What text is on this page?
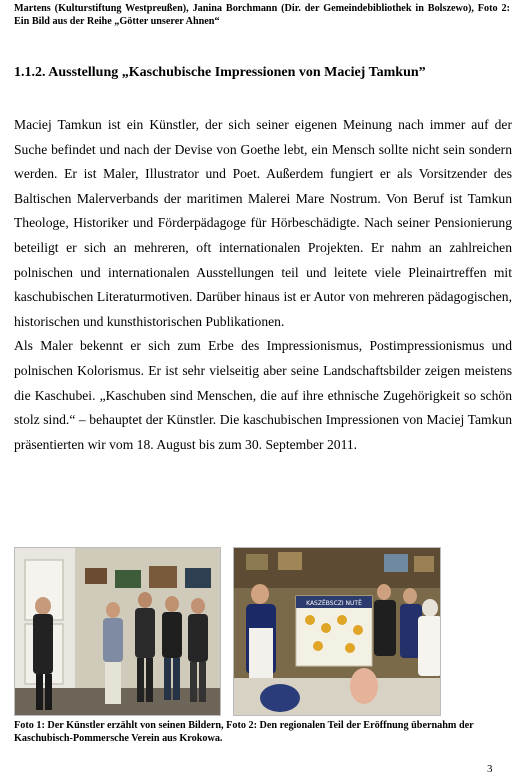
Martens (Kulturstiftung Westpreußen), Janina Borchmann (Dir. der Gemeindebibliothek in Bolszewo), Foto 2: Ein Bild aus der Reihe „Götter unserer Ahnen“
1.1.2. Ausstellung „Kaschubische Impressionen von Maciej Tamkun”

Maciej Tamkun ist ein Künstler, der sich seiner eigenen Meinung nach immer auf der Suche befindet und nach der Devise von Goethe lebt, ein Mensch sollte nicht sein sondern werden. Er ist Maler, Illustrator und Poet. Außerdem fungiert er als Vorsitzender des Baltischen Malerverbands der maritimen Malerei Mare Nostrum. Von Beruf ist Tamkun Theologe, Historiker und Förderpädagoge für Hörbeschädigte. Nach seiner Pensionierung beteiligt er sich an mehreren, oft internationalen Projekten. Er nahm an zahlreichen polnischen und internationalen Ausstellungen teil und leitete viele Pleinairtreffen mit kaschubischen Literaturmotiven. Darüber hinaus ist er Autor von mehreren pädagogischen, historischen und kunsthistorischen Publikationen.

Als Maler bekennt er sich zum Erbe des Impressionismus, Postimpressionismus und polnischen Kolorismus. Er ist sehr vielseitig aber seine Landschaftsbilder zeigen meistens die Kaschubei. „Kaschuben sind Menschen, die auf ihre ethnische Zugehörigkeit so schön stolz sind.“ – behauptet der Künstler. Die kaschubischen Impressionen von Maciej Tamkun präsentierten wir vom 18. August bis zum 30. September 2011.

KASZËBSCZI NUTË
Foto 1: Der Künstler erzählt von seinen Bildern, Foto 2: Den regionalen Teil der Eröffnung übernahm der Kaschubisch-Pommersche Verein aus Krokowa.
3
